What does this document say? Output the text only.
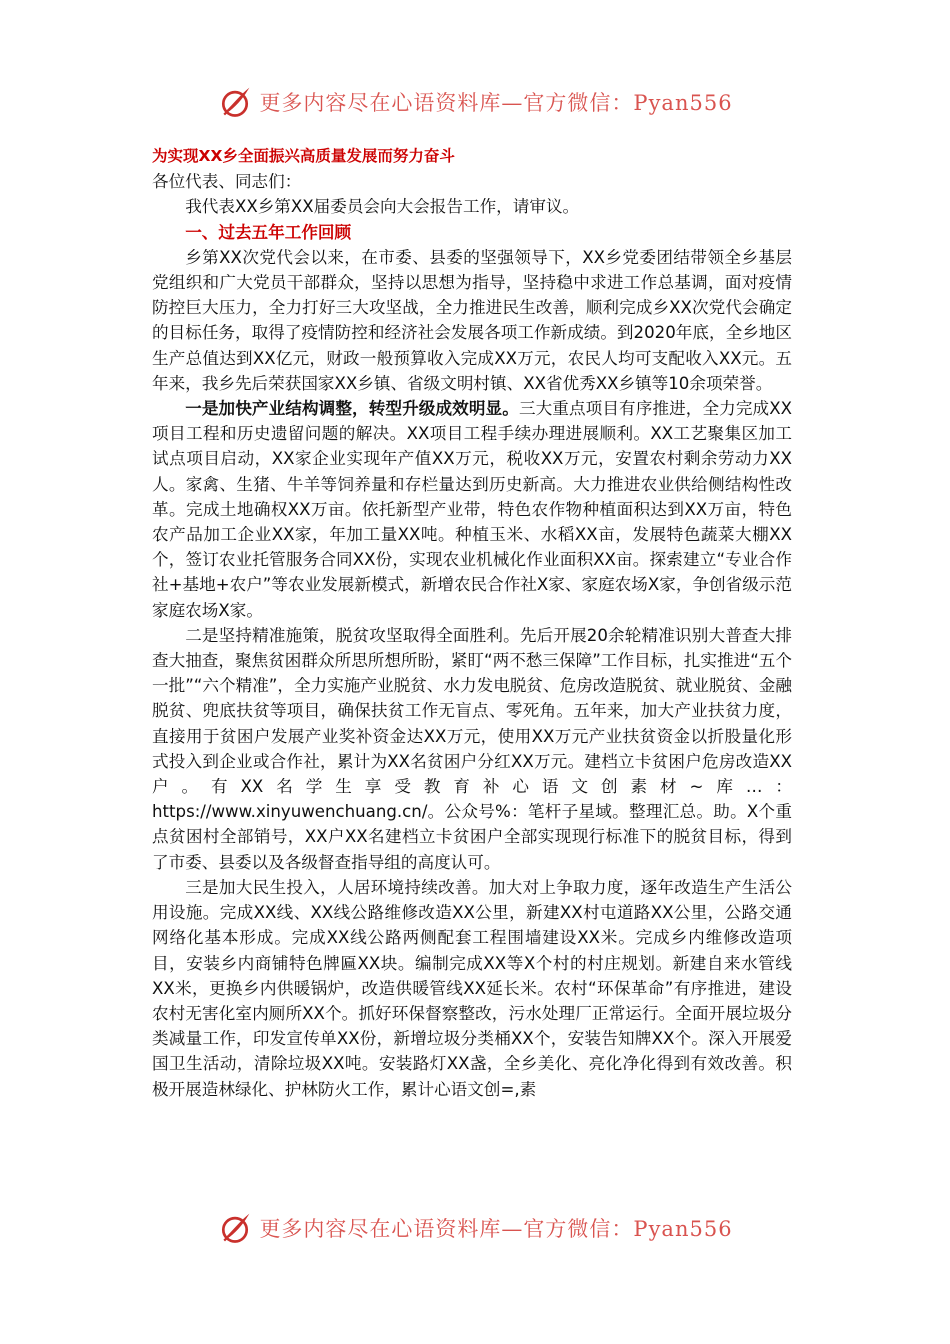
更多内容尽在心语资料库—官方微信：Pyan556

为实现XX乡全面振兴高质量发展而努力奋斗

各位代表、同志们：

我代表XX乡第XX届委员会向大会报告工作，请审议。

一、过去五年工作回顾

乡第XX次党代会以来，在市委、县委的坚强领导下，XX乡党委团结带领全乡基层党组织和广大党员干部群众，坚持以思想为指导，坚持稳中求进工作总基调，面对疫情防控巨大压力，全力打好三大攻坚战，全力推进民生改善，顺利完成乡XX次党代会确定的目标任务，取得了疫情防控和经济社会发展各项工作新成绩。到2020年底，全乡地区生产总值达到XX亿元，财政一般预算收入完成XX万元，农民人均可支配收入XX元。五年来，我乡先后荣获国家XX乡镇、省级文明村镇、XX省优秀XX乡镇等10余项荣誉。

一是加快产业结构调整，转型升级成效明显。三大重点项目有序推进，全力完成XX项目工程和历史遗留问题的解决。XX项目工程手续办理进展顺利。XX工艺聚集区加工试点项目启动，XX家企业实现年产值XX万元，税收XX万元，安置农村剩余劳动力XX人。家禽、生猪、牛羊等饲养量和存栏量达到历史新高。大力推进农业供给侧结构性改革。完成土地确权XX万亩。依托新型产业带，特色农作物种植面积达到XX万亩，特色农产品加工企业XX家，年加工量XX吨。种植玉米、水稻XX亩，发展特色蔬菜大棚XX个，签订农业托管服务合同XX份，实现农业机械化作业面积XX亩。探索建立“专业合作社+基地+农户”等农业发展新模式，新增农民合作社X家、家庭农场X家，争创省级示范家庭农场X家。

二是坚持精准施策，脱贫攻坚取得全面胜利。先后开展20余轮精准识别大普查大排查大抽查，聚焦贫困群众所思所想所盼，紧盯“两不愁三保障”工作目标，扎实推进“五个一批”“六个精准”，全力实施产业脱贫、水力发电脱贫、危房改造脱贫、就业脱贫、金融脱贫、兜底扶贫等项目，确保扶贫工作无盲点、零死角。五年来，加大产业扶贫力度，直接用于贫困户发展产业奖补资金达XX万元，使用XX万元产业扶贫资金以折股量化形式投入到企业或合作社，累计为XX名贫困户分红XX万元。建档立卡贫困户危房改造XX户。有XX名学生享受教育补心语文创素材~库…：https://www.xinyuwenchuang.cn/。公众号%：笔杆子星域。整理汇总。助。X个重点贫困村全部销号，XX户XX名建档立卡贫困户全部实现现行标准下的脱贫目标，得到了市委、县委以及各级督查指导组的高度认可。

三是加大民生投入，人居环境持续改善。加大对上争取力度，逐年改造生产生活公用设施。完成XX线、XX线公路维修改造XX公里，新建XX村屯道路XX公里，公路交通网络化基本形成。完成XX线公路两侧配套工程围墙建设XX米。完成乡内维修改造项目，安装乡内商铺特色牌匾XX块。编制完成XX等X个村的村庄规划。新建自来水管线XX米，更换乡内供暖锅炉，改造供暖管线XX延长米。农村“环保革命”有序推进，建设农村无害化室内厕所XX个。抓好环保督察整改，污水处理厂正常运行。全面开展垃圾分类减量工作，印发宣传单XX份，新增垃圾分类桶XX个，安装告知牌XX个。深入开展爱国卫生活动，清除垃圾XX吨。安装路灯XX盏，全乡美化、亮化净化得到有效改善。积极开展造林绿化、护林防火工作，累计心语文创=,素

更多内容尽在心语资料库—官方微信：Pyan556
